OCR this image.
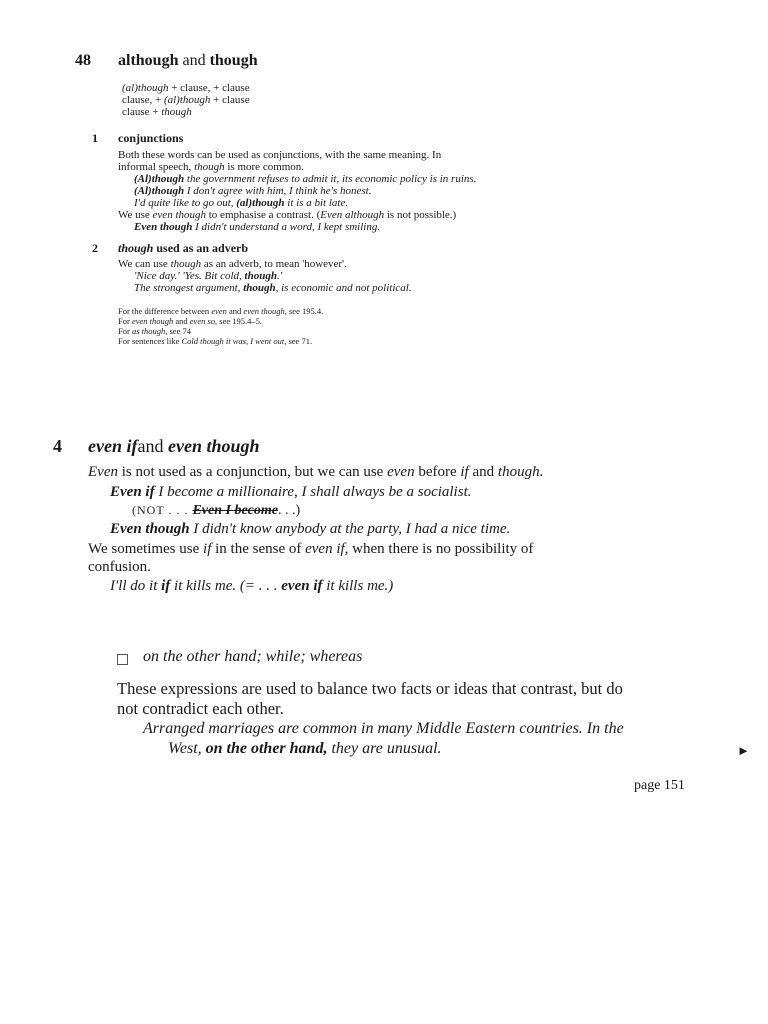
48 although and though
(al)though + clause, + clause
clause, + (al)though + clause
clause + though
1 conjunctions
Both these words can be used as conjunctions, with the same meaning. In
informal speech, though is more common.
(Al)though the government refuses to admit it, its economic policy is in ruins.
(Al)though I don't agree with him, I think he's honest.
I'd quite like to go out, (al)though it is a bit late.
We use even though to emphasise a contrast. (Even although is not possible.)
Even though I didn't understand a word, I kept smiling.
2 though used as an adverb
We can use though as an adverb, to mean 'however'.
'Nice day.' 'Yes. Bit cold, though.'
The strongest argument, though, is economic and not political.
For the difference between even and even though, see 195.4.
For even though and even so, see 195.4–5.
For as though, see 74
For sentences like Cold though it was, I went out, see 71.
4 even ifand even though
Even is not used as a conjunction, but we can use even before if and though.
Even if I become a millionaire, I shall always be a socialist.
(NOT . . . Even I become. . .)
Even though I didn't know anybody at the party, I had a nice time.
We sometimes use if in the sense of even if, when there is no possibility of
confusion.
I'll do it if it kills me. (= . . . even if it kills me.)
on the other hand; while; whereas
These expressions are used to balance two facts or ideas that contrast, but do
not contradict each other.
Arranged marriages are common in many Middle Eastern countries. In the
West, on the other hand, they are unusual.	►
page 151
